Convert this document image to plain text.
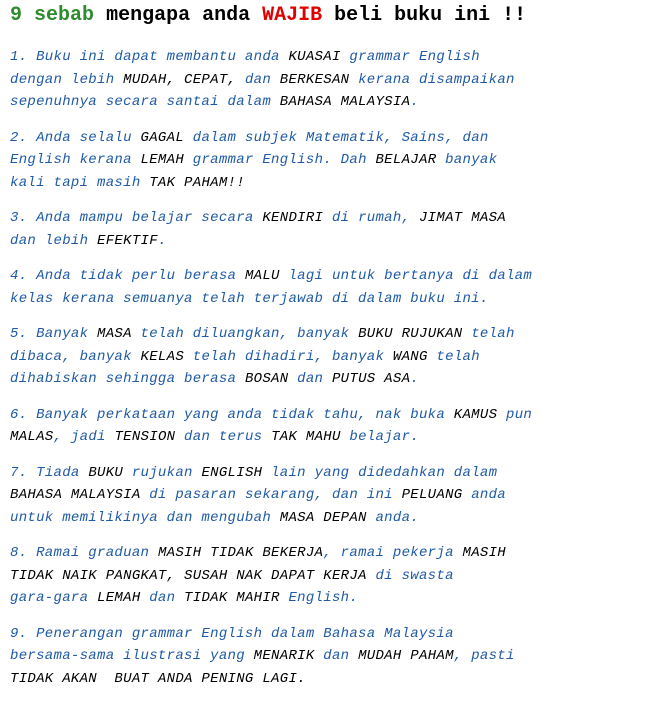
9 sebab mengapa anda WAJIB beli buku ini !!

1. Buku ini dapat membantu anda KUASAI grammar English
dengan lebih MUDAH, CEPAT, dan BERKESAN kerana disampaikan
sepenuhnya secara santai dalam BAHASA MALAYSIA.

2. Anda selalu GAGAL dalam subjek Matematik, Sains, dan
English kerana LEMAH grammar English. Dah BELAJAR banyak
kali tapi masih TAK PAHAM!!

3. Anda mampu belajar secara KENDIRI di rumah, JIMAT MASA
dan lebih EFEKTIF.

4. Anda tidak perlu berasa MALU lagi untuk bertanya di dalam
kelas kerana semuanya telah terjawab di dalam buku ini.

5. Banyak MASA telah diluangkan, banyak BUKU RUJUKAN telah
dibaca, banyak KELAS telah dihadiri, banyak WANG telah
dihabiskan sehingga berasa BOSAN dan PUTUS ASA.

6. Banyak perkataan yang anda tidak tahu, nak buka KAMUS pun
MALAS, jadi TENSION dan terus TAK MAHU belajar.

7. Tiada BUKU rujukan ENGLISH lain yang didedahkan dalam
BAHASA MALAYSIA di pasaran sekarang, dan ini PELUANG anda
untuk memilikinya dan mengubah MASA DEPAN anda.

8. Ramai graduan MASIH TIDAK BEKERJA, ramai pekerja MASIH
TIDAK NAIK PANGKAT, SUSAH NAK DAPAT KERJA di swasta
gara-gara LEMAH dan TIDAK MAHIR English.

9. Penerangan grammar English dalam Bahasa Malaysia
bersama-sama ilustrasi yang MENARIK dan MUDAH PAHAM, pasti
TIDAK AKAN  BUAT ANDA PENING LAGI.
